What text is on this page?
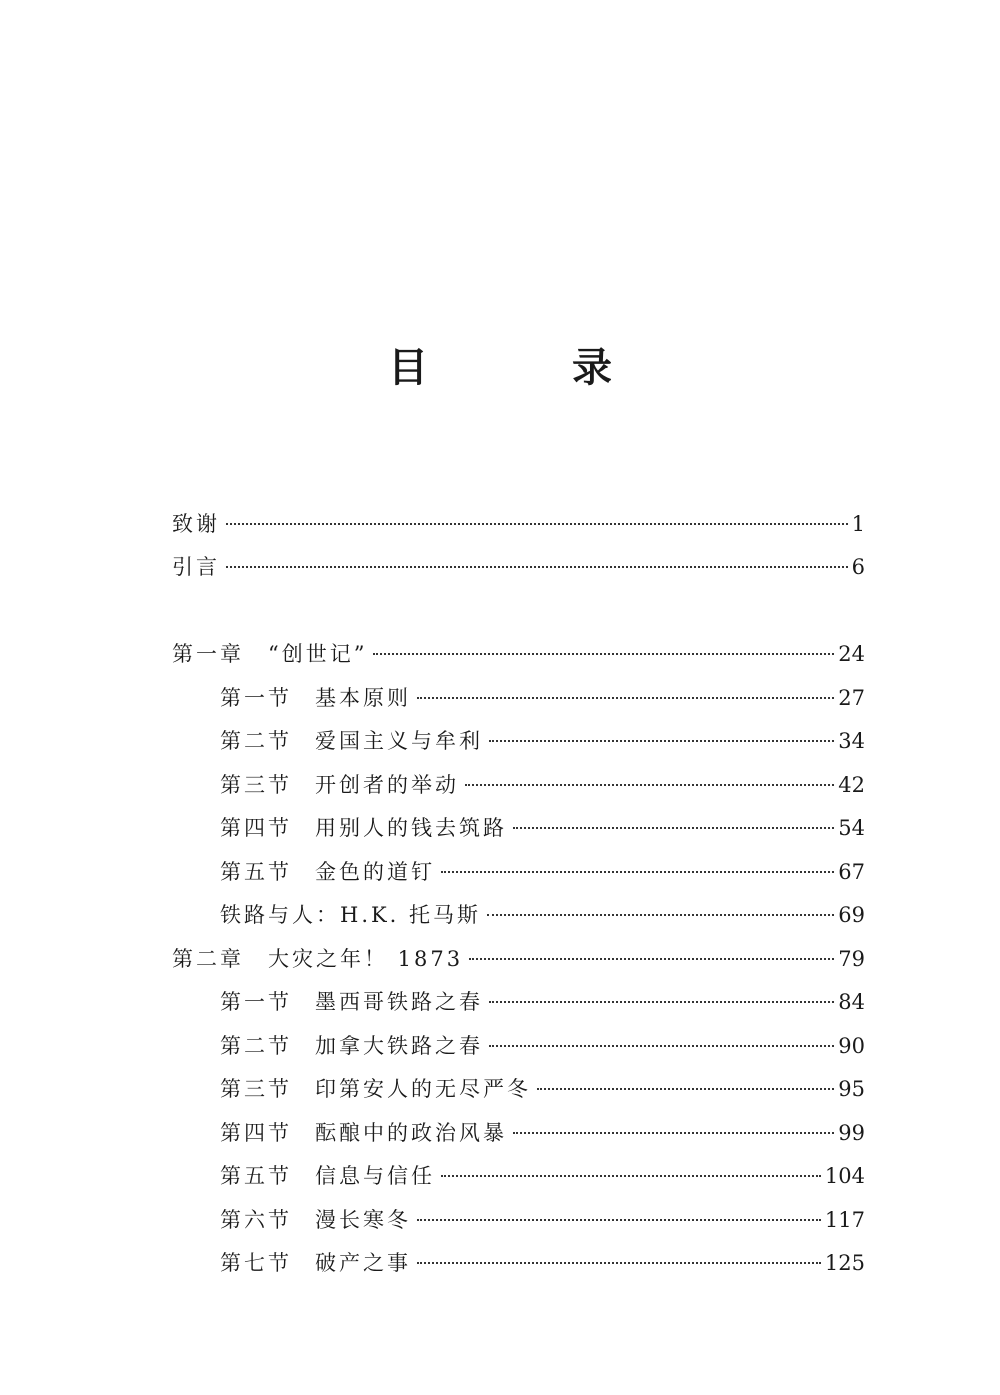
目　录
致谢	1
引言	6
第一章 “创世记”	24
第一节 基本原则	27
第二节 爱国主义与牟利	34
第三节 开创者的举动	42
第四节 用别人的钱去筑路	54
第五节 金色的道钉	67
铁路与人：H.K. 托马斯	69
第二章 大灾之年！ 1873	79
第一节 墨西哥铁路之春	84
第二节 加拿大铁路之春	90
第三节 印第安人的无尽严冬	95
第四节 酝酿中的政治风暴	99
第五节 信息与信任	104
第六节 漫长寒冬	117
第七节 破产之事	125
